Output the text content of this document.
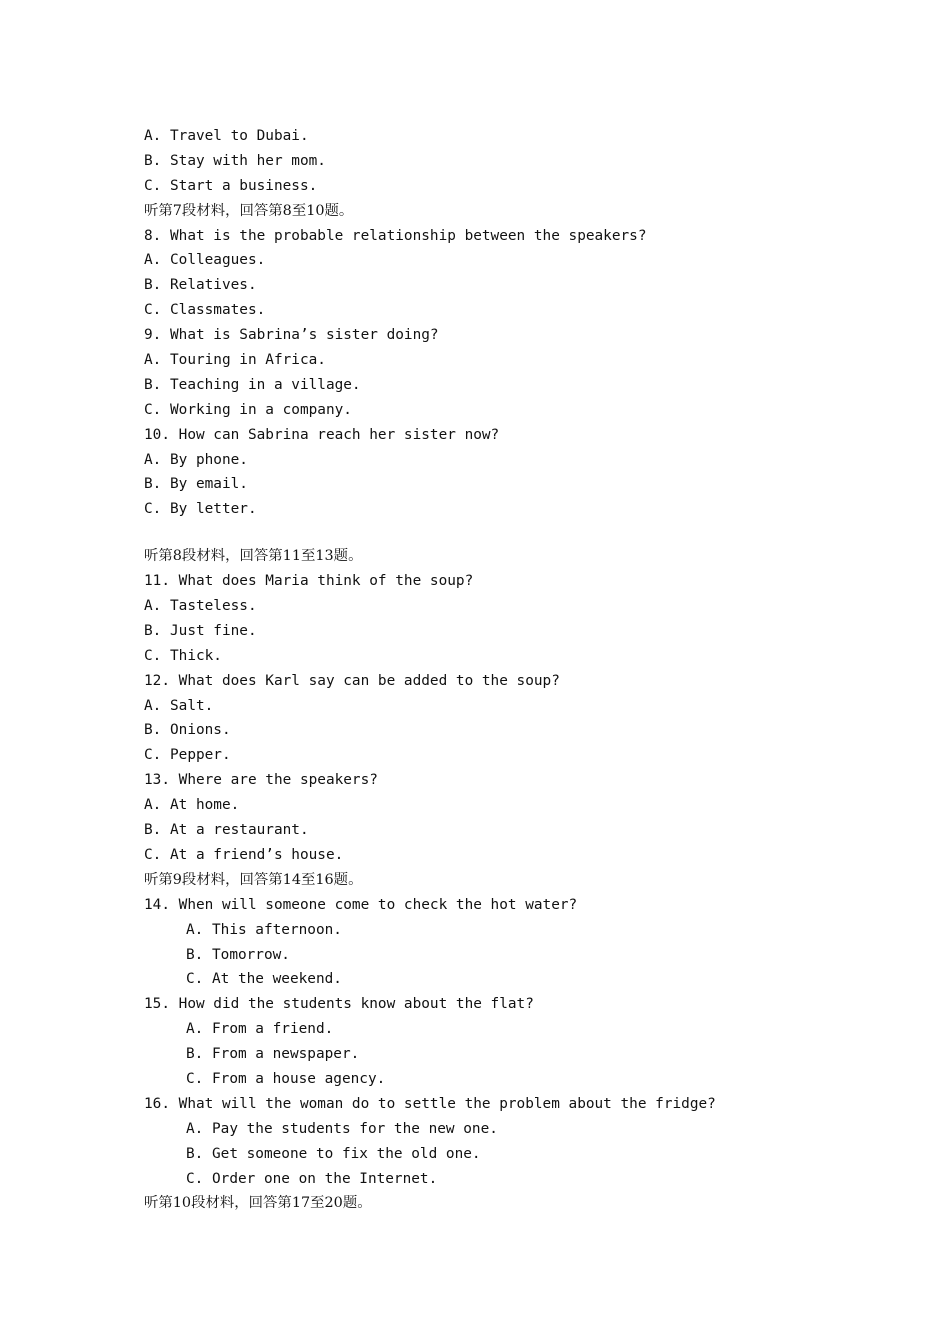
A. Travel to Dubai.
B. Stay with her mom.
C. Start a business.
听第7段材料，回答第8至10题。
8. What is the probable relationship between the speakers?
A. Colleagues.
B. Relatives.
C. Classmates.
9. What is Sabrina’s sister doing?
A. Touring in Africa.
B. Teaching in a village.
C. Working in a company.
10. How can Sabrina reach her sister now?
A. By phone.
B. By email.
C. By letter.
听第8段材料，回答第11至13题。
11. What does Maria think of the soup?
A. Tasteless.
B. Just fine.
C. Thick.
12. What does Karl say can be added to the soup?
A. Salt.
B. Onions.
C. Pepper.
13. Where are the speakers?
A. At home.
B. At a restaurant.
C. At a friend’s house.
听第9段材料，回答第14至16题。
14. When will someone come to check the hot water?
A. This afternoon.
B. Tomorrow.
C. At the weekend.
15. How did the students know about the flat?
A. From a friend.
B. From a newspaper.
C. From a house agency.
16. What will the woman do to settle the problem about the fridge?
A. Pay the students for the new one.
B. Get someone to fix the old one.
C. Order one on the Internet.
听第10段材料，回答第17至20题。
